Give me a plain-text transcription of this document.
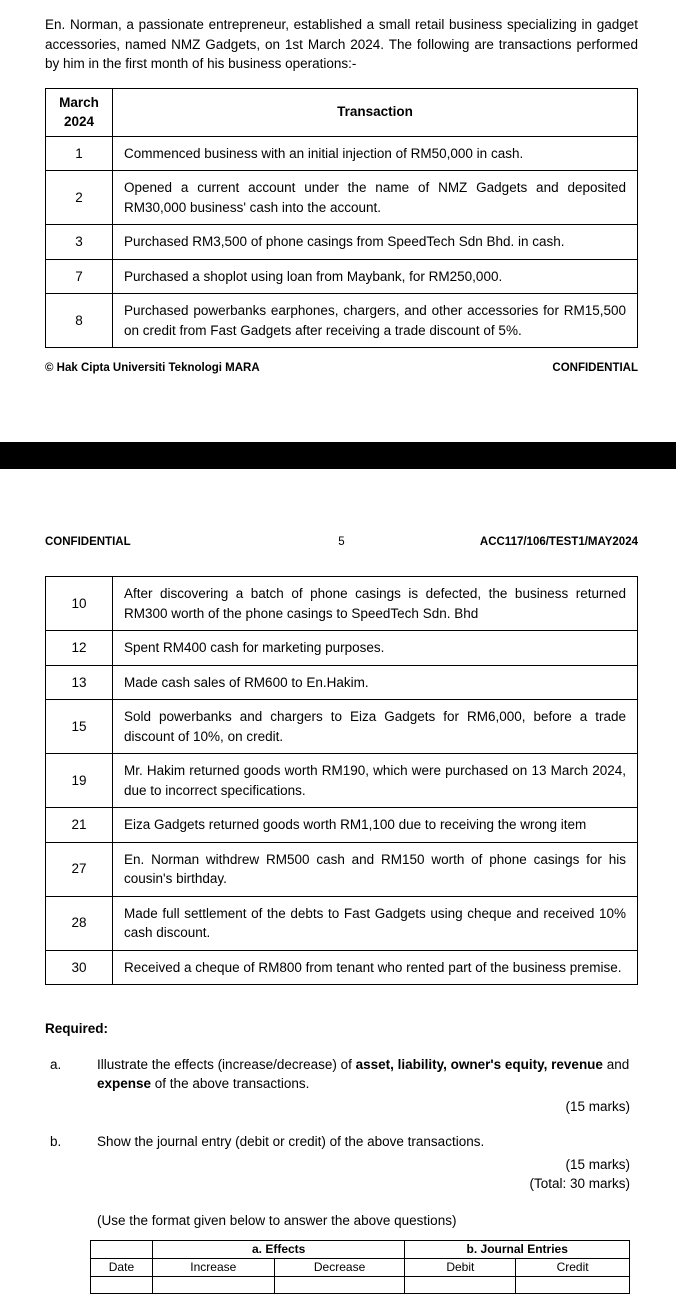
En. Norman, a passionate entrepreneur, established a small retail business specializing in gadget accessories, named NMZ Gadgets, on 1st March 2024. The following are transactions performed by him in the first month of his business operations:-

March 2024	Transaction
1	Commenced business with an initial injection of RM50,000 in cash.
2	Opened a current account under the name of NMZ Gadgets and deposited RM30,000 business' cash into the account.
3	Purchased RM3,500 of phone casings from SpeedTech Sdn Bhd. in cash.
7	Purchased a shoplot using loan from Maybank, for RM250,000.
8	Purchased powerbanks earphones, chargers, and other accessories for RM15,500 on credit from Fast Gadgets after receiving a trade discount of 5%.
© Hak Cipta Universiti Teknologi MARA	CONFIDENTIAL
CONFIDENTIAL	5	ACC117/106/TEST1/MAY2024
10	After discovering a batch of phone casings is defected, the business returned RM300 worth of the phone casings to SpeedTech Sdn. Bhd
12	Spent RM400 cash for marketing purposes.
13	Made cash sales of RM600 to En.Hakim.
15	Sold powerbanks and chargers to Eiza Gadgets for RM6,000, before a trade discount of 10%, on credit.
19	Mr. Hakim returned goods worth RM190, which were purchased on 13 March 2024, due to incorrect specifications.
21	Eiza Gadgets returned goods worth RM1,100 due to receiving the wrong item
27	En. Norman withdrew RM500 cash and RM150 worth of phone casings for his cousin's birthday.
28	Made full settlement of the debts to Fast Gadgets using cheque and received 10% cash discount.
30	Received a cheque of RM800 from tenant who rented part of the business premise.

Required:

a.	Illustrate the effects (increase/decrease) of asset, liability, owner's equity, revenue and expense of the above transactions.
(15 marks)
b.	Show the journal entry (debit or credit) of the above transactions.
(15 marks)
(Total: 30 marks)

(Use the format given below to answer the above questions)

	a. Effects		b. Journal Entries	
Date	Increase	Decrease	Debit	Credit
